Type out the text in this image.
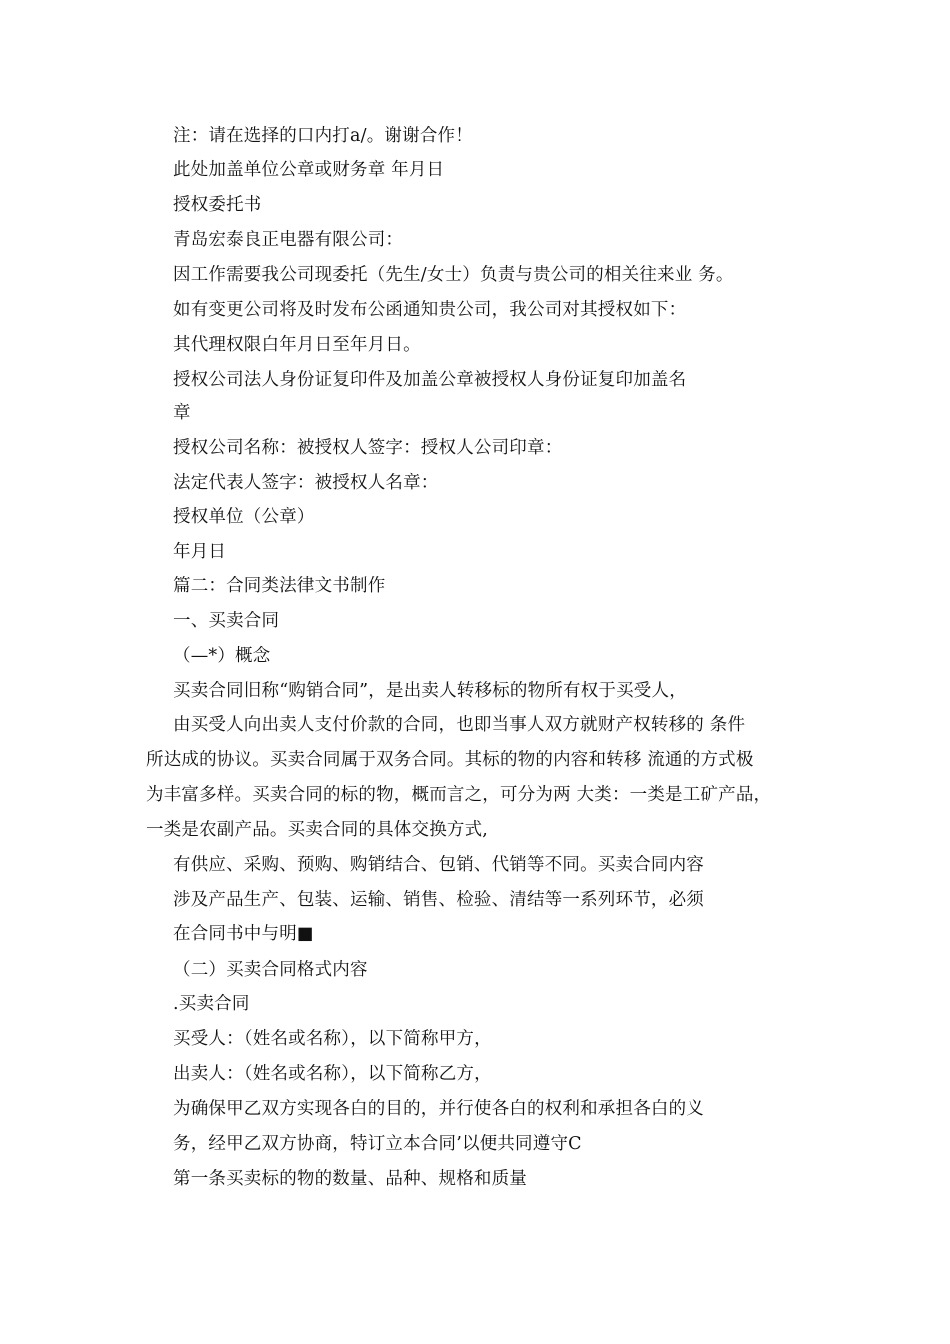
注：请在选择的口内打a/。谢谢合作！
此处加盖单位公章或财务章 年月日
授权委托书
青岛宏泰良正电器有限公司：
因工作需要我公司现委托（先生/女士）负责与贵公司的相关往来业 务。
如有变更公司将及时发布公函通知贵公司，我公司对其授权如下：
其代理权限白年月日至年月日。
授权公司法人身份证复印件及加盖公章被授权人身份证复印加盖名
章
授权公司名称：被授权人签字：授权人公司印章：
法定代表人签字：被授权人名章：
授权单位（公章）
年月日
篇二：合同类法律文书制作
一、买卖合同
（—*）概念
买卖合同旧称“购销合同”，是出卖人转移标的物所有权于买受人，
由买受人向出卖人支付价款的合同，也即当事人双方就财产权转移的 条件
所达成的协议。买卖合同属于双务合同。其标的物的内容和转移 流通的方式极
为丰富多样。买卖合同的标的物，概而言之，可分为两 大类：一类是工矿产品，
一类是农副产品。买卖合同的具体交换方式,
有供应、采购、预购、购销结合、包销、代销等不同。买卖合同内容
涉及产品生产、包装、运输、销售、检验、清结等一系列环节，必须
在合同书中与明■
（二）买卖合同格式内容
.买卖合同
买受人：（姓名或名称），以下简称甲方，
出卖人：（姓名或名称），以下简称乙方，
为确保甲乙双方实现各白的目的，并行使各白的权利和承担各白的义
务，经甲乙双方协商，特订立本合同’以便共同遵守C
第一条买卖标的物的数量、品种、规格和质量
